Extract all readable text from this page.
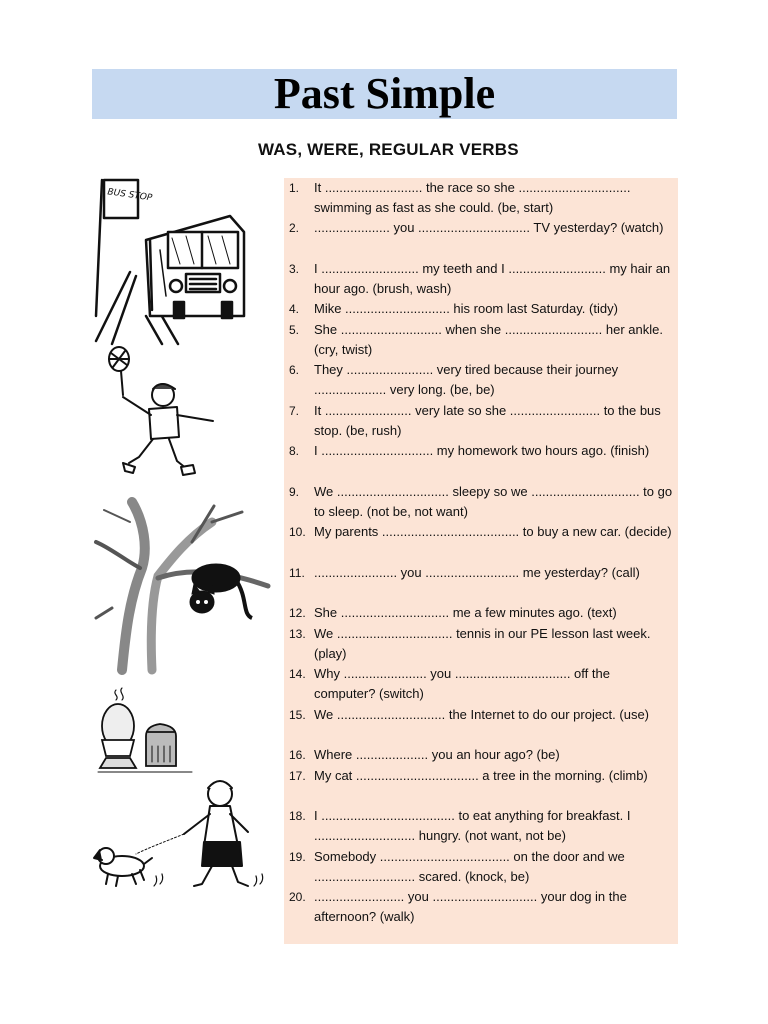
Past Simple
WAS, WERE, REGULAR VERBS
BUS STOP	1. It ........................... the race so she ............................... swimming as fast as she could. (be, start)
2. ..................... you ............................... TV yesterday? (watch)
3. I ........................... my teeth and I ........................... my hair an hour ago. (brush, wash)
4. Mike ............................. his room last Saturday. (tidy)
5. She ............................ when she ........................... her ankle. (cry, twist)
6. They ........................ very tired because their journey .................... very long. (be, be)
7. It ........................ very late so she ......................... to the bus stop. (be, rush)
8. I ............................... my homework two hours ago. (finish)
9. We ............................... sleepy so we .............................. to go to sleep. (not be, not want)
10. My parents ...................................... to buy a new car. (decide)
11. ....................... you .......................... me yesterday? (call)
12. She .............................. me a few minutes ago. (text)
13. We ................................ tennis in our PE lesson last week. (play)
14. Why ....................... you ................................ off the computer? (switch)
15. We .............................. the Internet to do our project. (use)
16. Where .................... you an hour ago? (be)
17. My cat .................................. a tree in the morning. (climb)
18. I ..................................... to eat anything for breakfast. I ............................ hungry. (not want, not be)
19. Somebody .................................... on the door and we ............................ scared. (knock, be)
20. ......................... you ............................. your dog in the afternoon? (walk)
